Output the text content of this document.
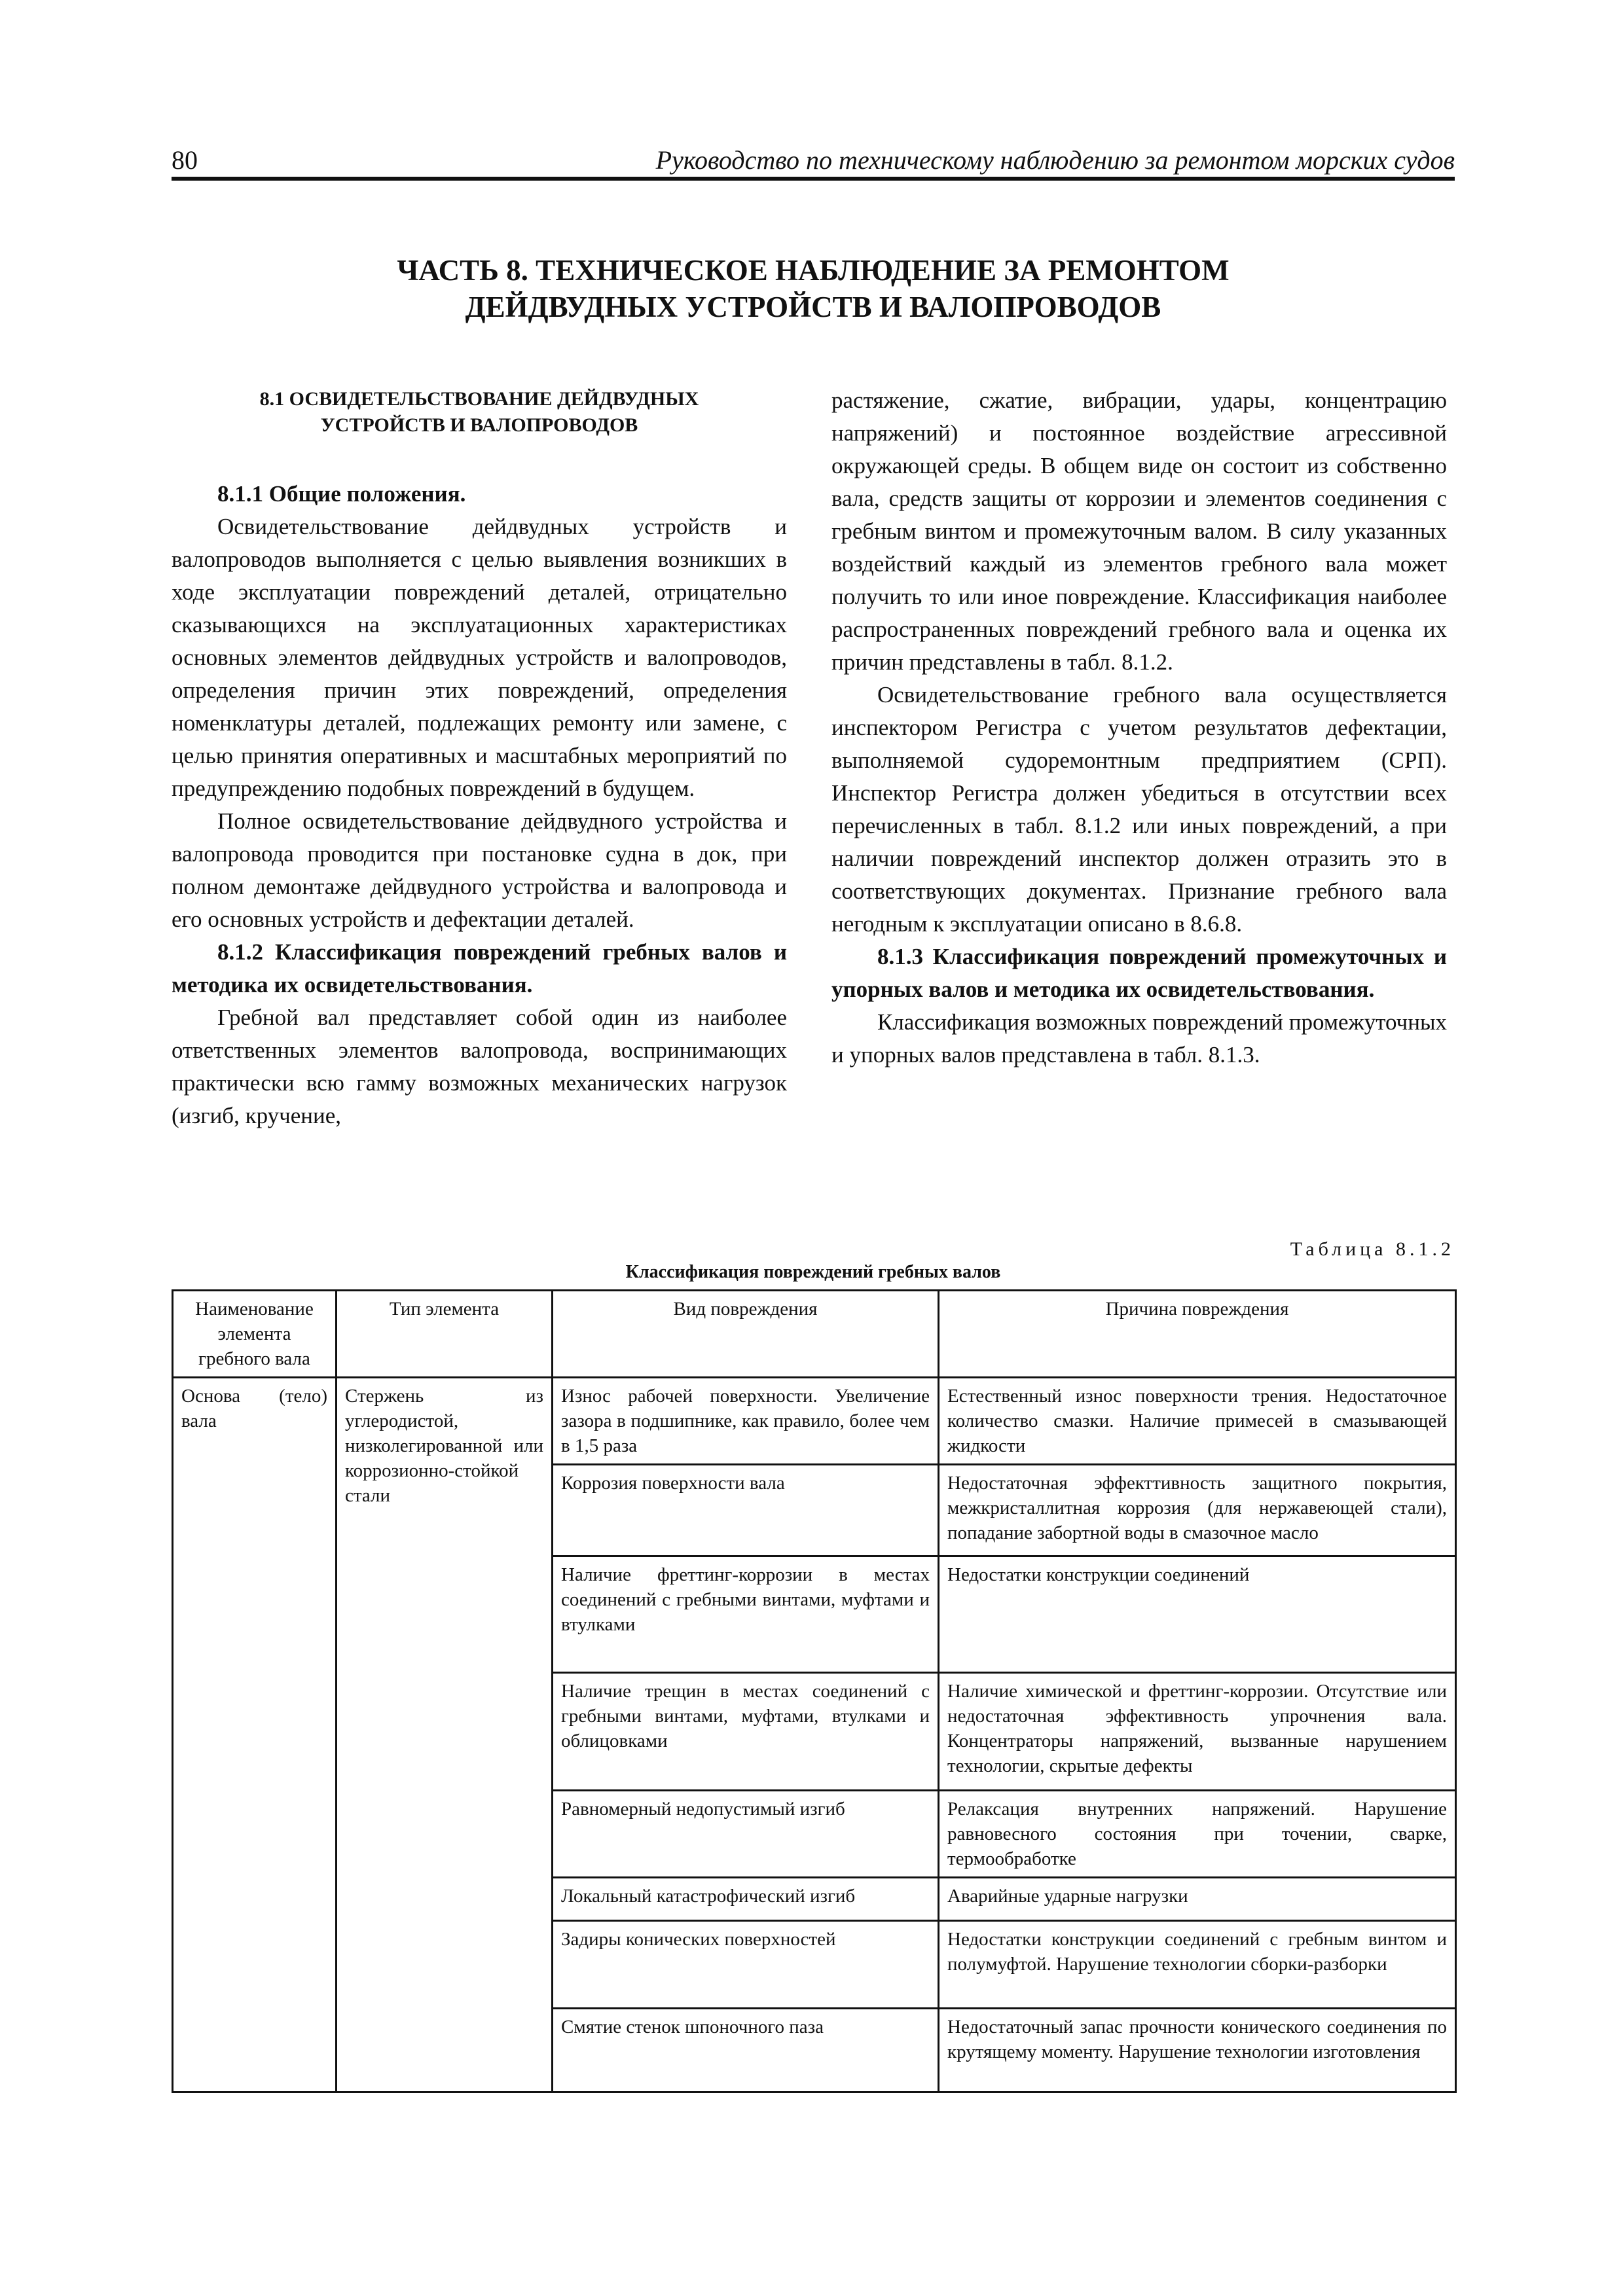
80	Руководство по техническому наблюдению за ремонтом морских судов
ЧАСТЬ 8. ТЕХНИЧЕСКОЕ НАБЛЮДЕНИЕ ЗА РЕМОНТОМ
ДЕЙДВУДНЫХ УСТРОЙСТВ И ВАЛОПРОВОДОВ
8.1 ОСВИДЕТЕЛЬСТВОВАНИЕ ДЕЙДВУДНЫХ
УСТРОЙСТВ И ВАЛОПРОВОДОВ

8.1.1 Общие положения.

Освидетельствование дейдвудных устройств и валопроводов выполняется с целью выявления возникших в ходе эксплуатации повреждений деталей, отрицательно сказывающихся на эксплуатационных характеристиках основных элементов дейдвудных устройств и валопроводов, определения причин этих повреждений, определения номенклатуры деталей, подлежащих ремонту или замене, с целью принятия оперативных и масштабных мероприятий по предупреждению подобных повреждений в будущем.

Полное освидетельствование дейдвудного устройства и валопровода проводится при постановке судна в док, при полном демонтаже дейдвудного устройства и валопровода и его основных устройств и дефектации деталей.

8.1.2 Классификация повреждений гребных валов и методика их освидетельствования.

Гребной вал представляет собой один из наиболее ответственных элементов валопровода, воспринимающих практически всю гамму возможных механических нагрузок (изгиб, кручение,

растяжение, сжатие, вибрации, удары, концентрацию напряжений) и постоянное воздействие агрессивной окружающей среды. В общем виде он состоит из собственно вала, средств защиты от коррозии и элементов соединения с гребным винтом и промежуточным валом. В силу указанных воздействий каждый из элементов гребного вала может получить то или иное повреждение. Классификация наиболее распространенных повреждений гребного вала и оценка их причин представлены в табл. 8.1.2.

Освидетельствование гребного вала осуществляется инспектором Регистра с учетом результатов дефектации, выполняемой судоремонтным предприятием (СРП). Инспектор Регистра должен убедиться в отсутствии всех перечисленных в табл. 8.1.2 или иных повреждений, а при наличии повреждений инспектор должен отразить это в соответствующих документах. Признание гребного вала негодным к эксплуатации описано в 8.6.8.

8.1.3 Классификация повреждений промежуточных и упорных валов и методика их освидетельствования.

Классификация возможных повреждений промежуточных и упорных валов представлена в табл. 8.1.3.

Таблица 8.1.2
Классификация повреждений гребных валов
Наименование элемента гребного вала	Тип элемента	Вид повреждения	Причина повреждения
Основа (тело) вала	Стержень из углеродистой, низколегированной или коррозионно-стойкой стали	Износ рабочей поверхности. Увеличение зазора в подшипнике, как правило, более чем в 1,5 раза	Естественный износ поверхности трения. Недостаточное количество смазки. Наличие примесей в смазывающей жидкости
		Коррозия поверхности вала	Недостаточная эффекттивность защитного покрытия, межкристаллитная коррозия (для нержавеющей стали), попадание забортной воды в смазочное масло
		Наличие фреттинг-коррозии в местах соединений с гребными винтами, муфтами и втулками	Недостатки конструкции соединений
		Наличие трещин в местах соединений с гребными винтами, муфтами, втулками и облицовками	Наличие химической и фреттинг-коррозии. Отсутствие или недостаточная эффективность упрочнения вала. Концентраторы напряжений, вызванные нарушением технологии, скрытые дефекты
		Равномерный недопустимый изгиб	Релаксация внутренних напряжений. Нарушение равновесного состояния при точении, сварке, термообработке
		Локальный катастрофический изгиб	Аварийные ударные нагрузки
		Задиры конических поверхностей	Недостатки конструкции соединений с гребным винтом и полумуфтой. Нарушение технологии сборки-разборки
		Смятие стенок шпоночного паза	Недостаточный запас прочности конического соединения по крутящему моменту. Нарушение технологии изготовления
